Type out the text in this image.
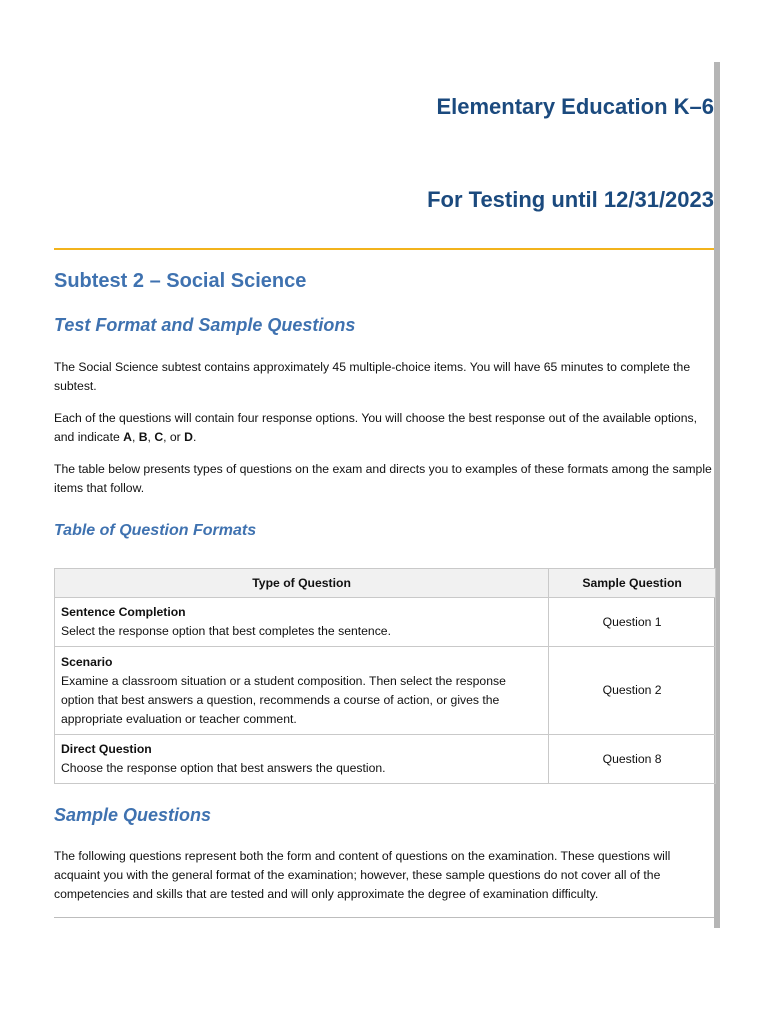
Elementary Education K–6
For Testing until 12/31/2023
Subtest 2 – Social Science
Test Format and Sample Questions
The Social Science subtest contains approximately 45 multiple-choice items. You will have 65 minutes to complete the subtest.
Each of the questions will contain four response options. You will choose the best response out of the available options, and indicate A, B, C, or D.
The table below presents types of questions on the exam and directs you to examples of these formats among the sample items that follow.
Table of Question Formats
Type of Question	Sample Question

Sentence Completion
Select the response option that best completes the sentence.	Question 1

Scenario
Examine a classroom situation or a student composition. Then select the response option that best answers a question, recommends a course of action, or gives the appropriate evaluation or teacher comment.	Question 2

Direct Question
Choose the response option that best answers the question.	Question 8
Sample Questions
The following questions represent both the form and content of questions on the examination. These questions will acquaint you with the general format of the examination; however, these sample questions do not cover all of the competencies and skills that are tested and will only approximate the degree of examination difficulty.
